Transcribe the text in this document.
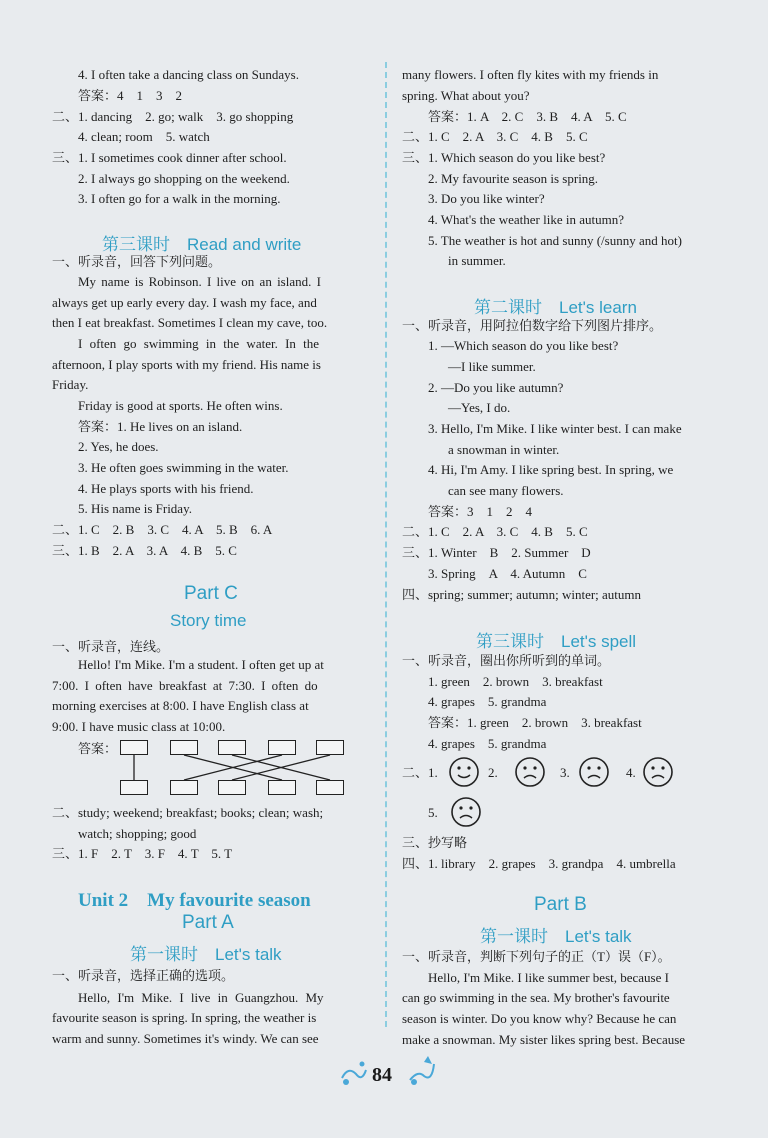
4. I often take a dancing class on Sundays.
答案：4　1　3　2
二、1. dancing　2. go; walk　3. go shopping
4. clean; room　5. watch
三、1. I sometimes cook dinner after school.
2. I always go shopping on the weekend.
3. I often go for a walk in the morning.
第三课时　Read and write
一、听录音，回答下列问题。
My name is Robinson. I live on an island. I
always get up early every day. I wash my face, and
then I eat breakfast. Sometimes I clean my cave, too.
I often go swimming in the water. In the
afternoon, I play sports with my friend. His name is
Friday.
Friday is good at sports. He often wins.
答案：1. He lives on an island.
2. Yes, he does.
3. He often goes swimming in the water.
4. He plays sports with his friend.
5. His name is Friday.
二、1. C　2. B　3. C　4. A　5. B　6. A
三、1. B　2. A　3. A　4. B　5. C
Part C
Story time
一、听录音，连线。
Hello! I'm Mike. I'm a student. I often get up at
7:00. I often have breakfast at 7:30. I often do
morning exercises at 8:00. I have English class at
9:00. I have music class at 10:00.
答案：
二、study; weekend; breakfast; books; clean; wash;
watch; shopping; good
三、1. F　2. T　3. F　4. T　5. T
Unit 2　My favourite season
Part A
第一课时　Let's talk
一、听录音，选择正确的选项。
Hello, I'm Mike. I live in Guangzhou. My
favourite season is spring. In spring, the weather is
warm and sunny. Sometimes it's windy. We can see
many flowers. I often fly kites with my friends in
spring. What about you?
答案：1. A　2. C　3. B　4. A　5. C
二、1. C　2. A　3. C　4. B　5. C
三、1. Which season do you like best?
2. My favourite season is spring.
3. Do you like winter?
4. What's the weather like in autumn?
5. The weather is hot and sunny (/sunny and hot)
in summer.
第二课时　Let's learn
一、听录音，用阿拉伯数字给下列图片排序。
1. —Which season do you like best?
—I like summer.
2. —Do you like autumn?
—Yes, I do.
3. Hello, I'm Mike. I like winter best. I can make
a snowman in winter.
4. Hi, I'm Amy. I like spring best. In spring, we
can see many flowers.
答案：3　1　2　4
二、1. C　2. A　3. C　4. B　5. C
三、1. Winter　B　2. Summer　D
3. Spring　A　4. Autumn　C
四、spring; summer; autumn; winter; autumn
第三课时　Let's spell
一、听录音，圈出你所听到的单词。
1. green　2. brown　3. breakfast
4. grapes　5. grandma
答案：1. green　2. brown　3. breakfast
4. grapes　5. grandma
二、1.	2.	3.	4.
5.
三、抄写略
四、1. library　2. grapes　3. grandpa　4. umbrella
Part B
第一课时　Let's talk
一、听录音，判断下列句子的正（T）误（F）。
Hello, I'm Mike. I like summer best, because I
can go swimming in the sea. My brother's favourite
season is winter. Do you know why? Because he can
make a snowman. My sister likes spring best. Because
84
